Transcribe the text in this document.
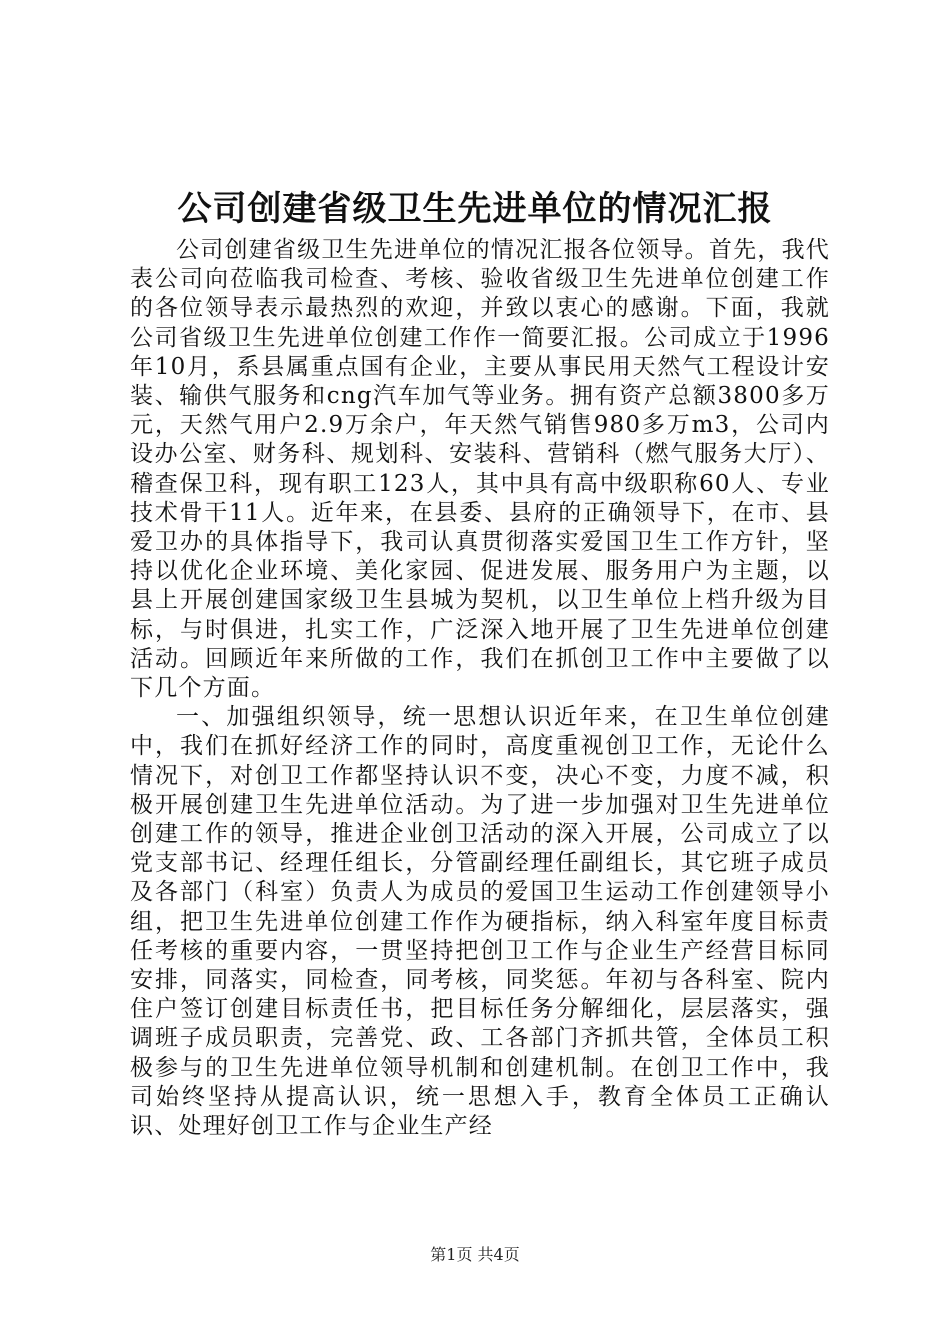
公司创建省级卫生先进单位的情况汇报

公司创建省级卫生先进单位的情况汇报各位领导。首先，我代表公司向莅临我司检查、考核、验收省级卫生先进单位创建工作的各位领导表示最热烈的欢迎，并致以衷心的感谢。下面，我就公司省级卫生先进单位创建工作作一简要汇报。公司成立于1996年10月，系县属重点国有企业，主要从事民用天然气工程设计安装、输供气服务和cng汽车加气等业务。拥有资产总额3800多万元，天然气用户2.9万余户，年天然气销售980多万m3，公司内设办公室、财务科、规划科、安装科、营销科（燃气服务大厅）、稽查保卫科，现有职工123人，其中具有高中级职称60人、专业技术骨干11人。近年来，在县委、县府的正确领导下，在市、县爱卫办的具体指导下，我司认真贯彻落实爱国卫生工作方针，坚持以优化企业环境、美化家园、促进发展、服务用户为主题，以县上开展创建国家级卫生县城为契机，以卫生单位上档升级为目标，与时俱进，扎实工作，广泛深入地开展了卫生先进单位创建活动。回顾近年来所做的工作，我们在抓创卫工作中主要做了以下几个方面。

一、加强组织领导，统一思想认识近年来，在卫生单位创建中，我们在抓好经济工作的同时，高度重视创卫工作，无论什么情况下，对创卫工作都坚持认识不变，决心不变，力度不减，积极开展创建卫生先进单位活动。为了进一步加强对卫生先进单位创建工作的领导，推进企业创卫活动的深入开展，公司成立了以党支部书记、经理任组长，分管副经理任副组长，其它班子成员及各部门（科室）负责人为成员的爱国卫生运动工作创建领导小组，把卫生先进单位创建工作作为硬指标，纳入科室年度目标责任考核的重要内容，一贯坚持把创卫工作与企业生产经营目标同安排，同落实，同检查，同考核，同奖惩。年初与各科室、院内住户签订创建目标责任书，把目标任务分解细化，层层落实，强调班子成员职责，完善党、政、工各部门齐抓共管，全体员工积极参与的卫生先进单位领导机制和创建机制。在创卫工作中，我司始终坚持从提高认识，统一思想入手，教育全体员工正确认识、处理好创卫工作与企业生产经

第1页 共4页
